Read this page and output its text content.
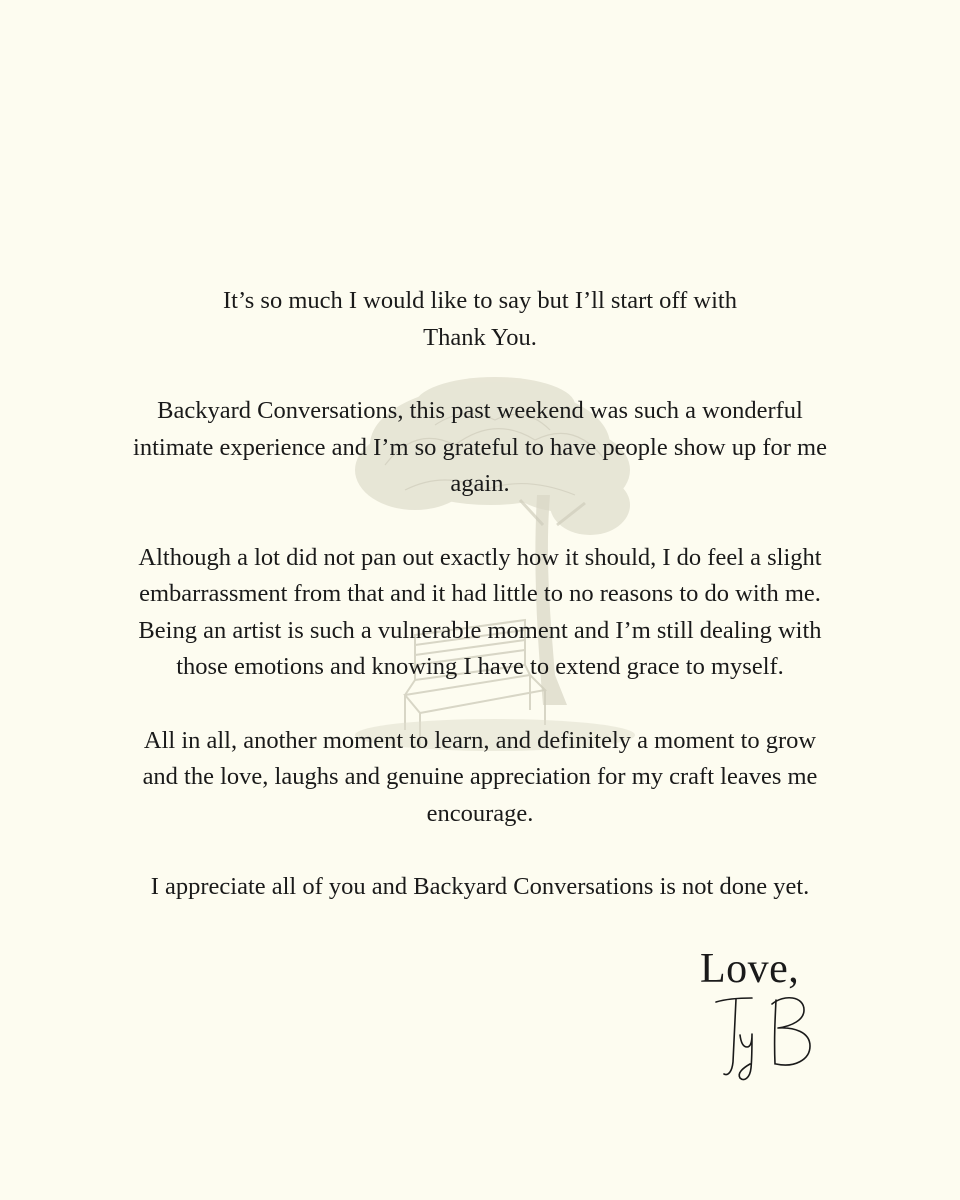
It’s so much I would like to say but I’ll start off with
Thank You.

Backyard Conversations, this past weekend was such a wonderful
intimate experience and I’m so grateful to have people show up for me
again.

Although a lot did not pan out exactly how it should, I do feel a slight
embarrassment from that and it had little to no reasons to do with me.
Being an artist is such a vulnerable moment and I’m still dealing with
those emotions and knowing I have to extend grace to myself.

All in all, another moment to learn, and definitely a moment to grow
and the love, laughs and genuine appreciation for my craft leaves me
encourage.

I appreciate all of you and Backyard Conversations is not done yet.

Love,
